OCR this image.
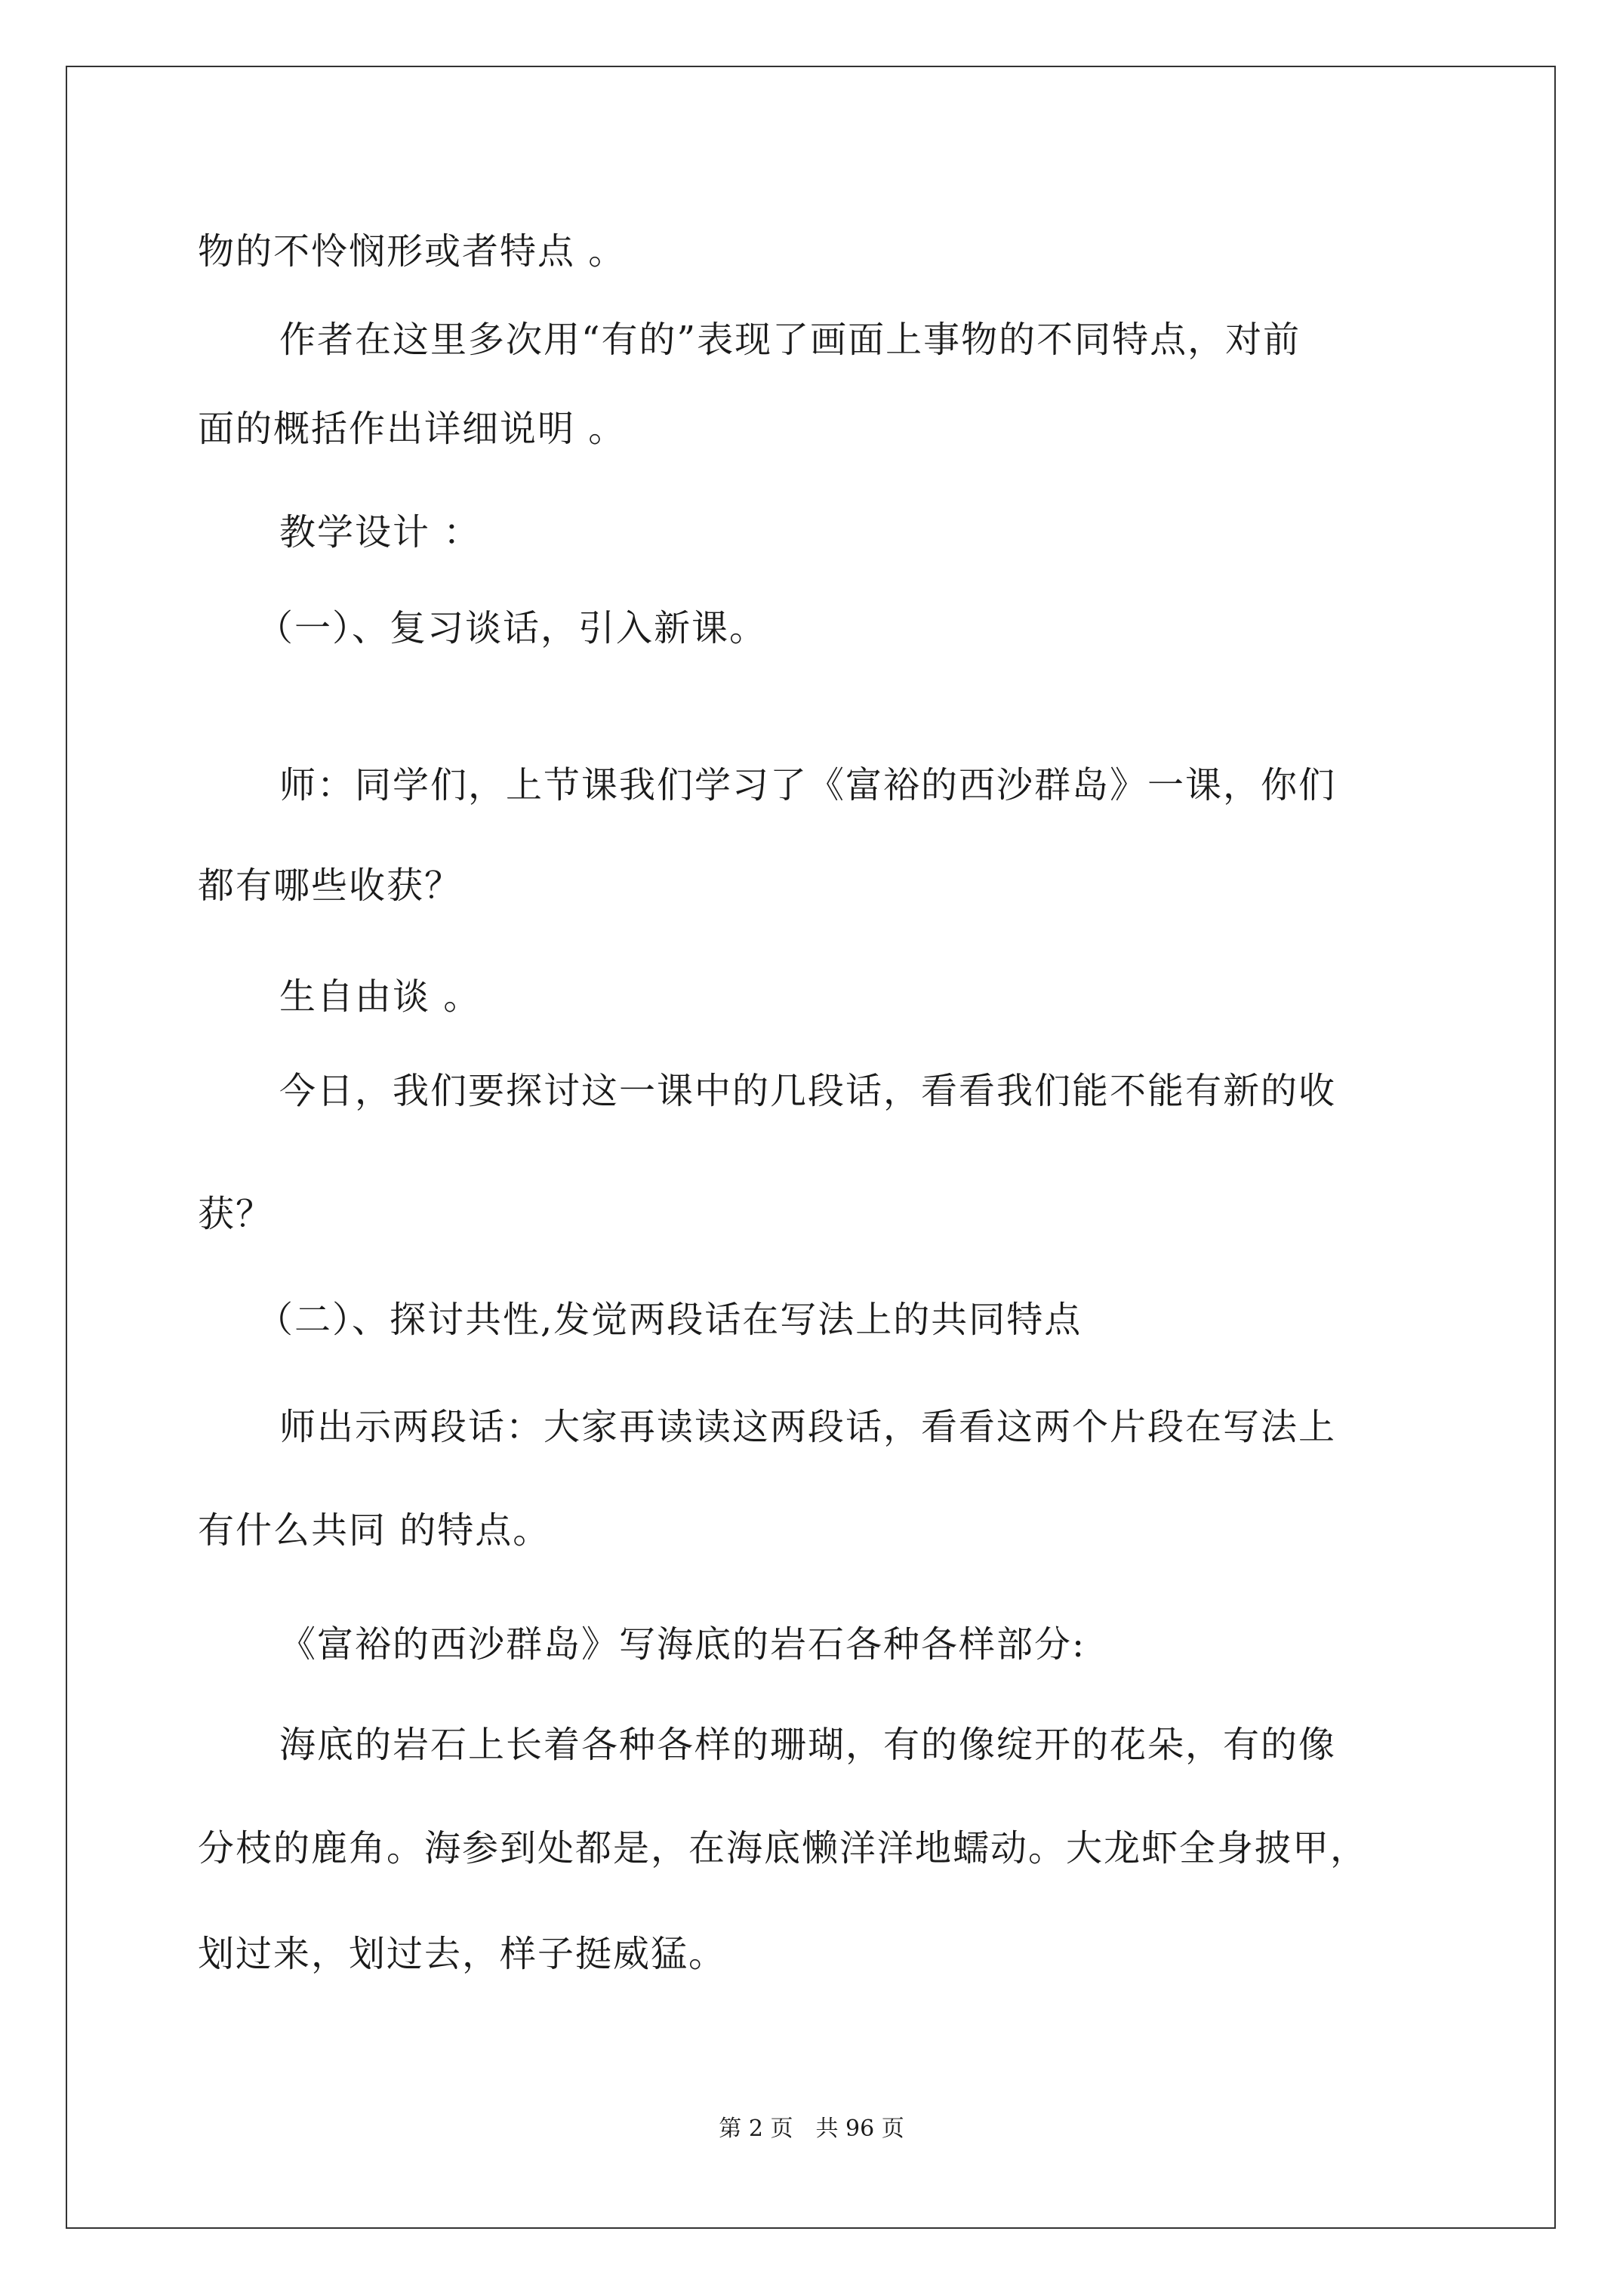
物的不怜悯形或者特点 。
作者在这里多次用“有的”表现了画面上事物的不同特点，对前
面的概括作出详细说明 。
教学设计 ：
（一）、复习谈话，引入新课。
师：同学们，上节课我们学习了《富裕的西沙群岛》一课，你们
都有哪些收获？
生自由谈 。
今日，我们要探讨这一课中的几段话，看看我们能不能有新的收
获？
（二）、探讨共性,发觉两段话在写法上的共同特点
师出示两段话：大家再读读这两段话，看看这两个片段在写法上
有什么共同 的特点。
《富裕的西沙群岛》写海底的岩石各种各样部分:
海底的岩石上长着各种各样的珊瑚，有的像绽开的花朵，有的像
分枝的鹿角。海参到处都是，在海底懒洋洋地蠕动。大龙虾全身披甲，
划过来，划过去，样子挺威猛。
第 2 页　共 96 页
